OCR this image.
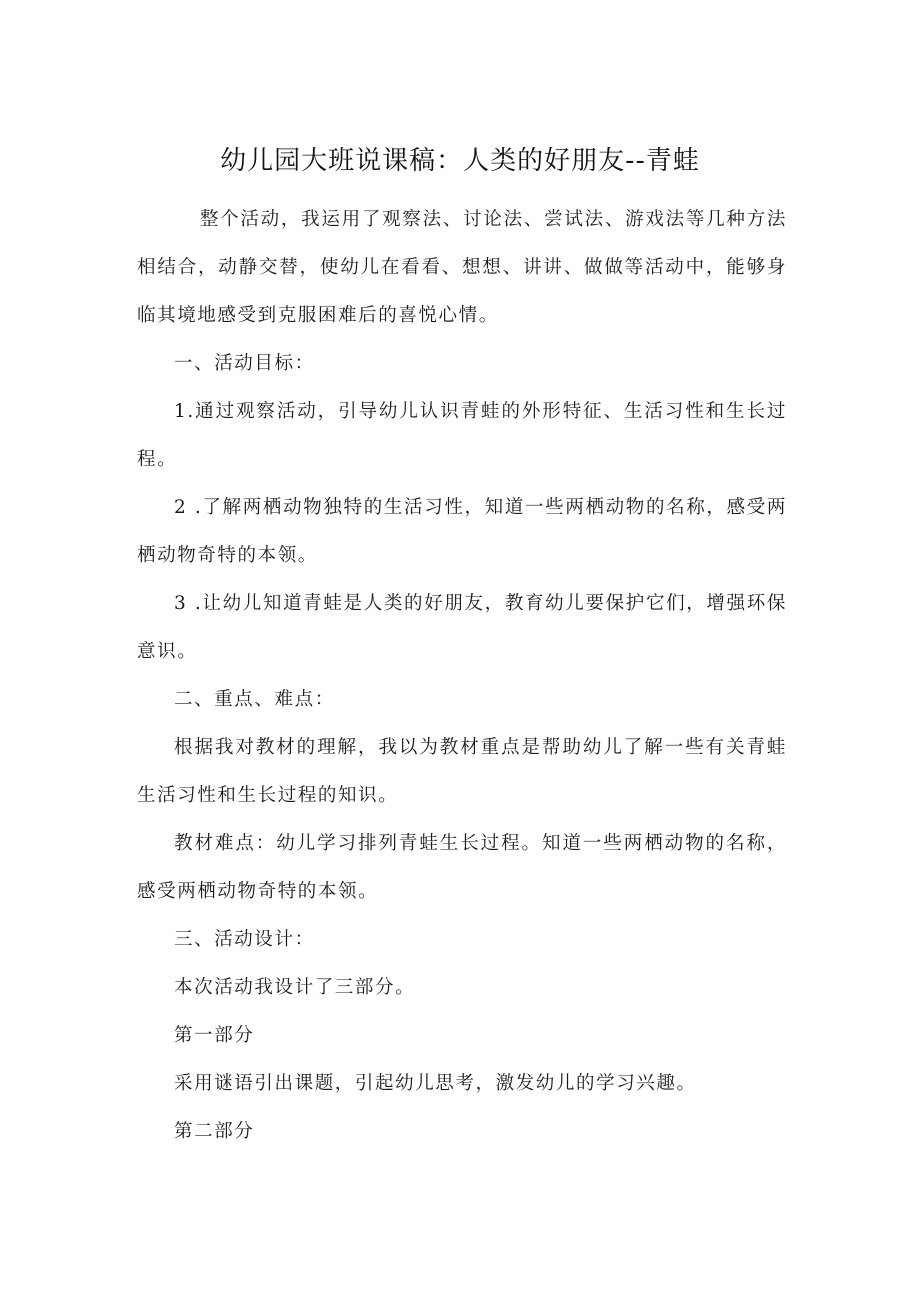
幼儿园大班说课稿：人类的好朋友--青蛙

整个活动，我运用了观察法、讨论法、尝试法、游戏法等几种方法相结合，动静交替，使幼儿在看看、想想、讲讲、做做等活动中，能够身临其境地感受到克服困难后的喜悦心情。

一、活动目标：

1.通过观察活动，引导幼儿认识青蛙的外形特征、生活习性和生长过程。

2 .了解两栖动物独特的生活习性，知道一些两栖动物的名称，感受两栖动物奇特的本领。

3 .让幼儿知道青蛙是人类的好朋友，教育幼儿要保护它们，增强环保意识。

二、重点、难点：

根据我对教材的理解，我以为教材重点是帮助幼儿了解一些有关青蛙生活习性和生长过程的知识。

教材难点：幼儿学习排列青蛙生长过程。知道一些两栖动物的名称，感受两栖动物奇特的本领。

三、活动设计：

本次活动我设计了三部分。

第一部分

采用谜语引出课题，引起幼儿思考，激发幼儿的学习兴趣。

第二部分
